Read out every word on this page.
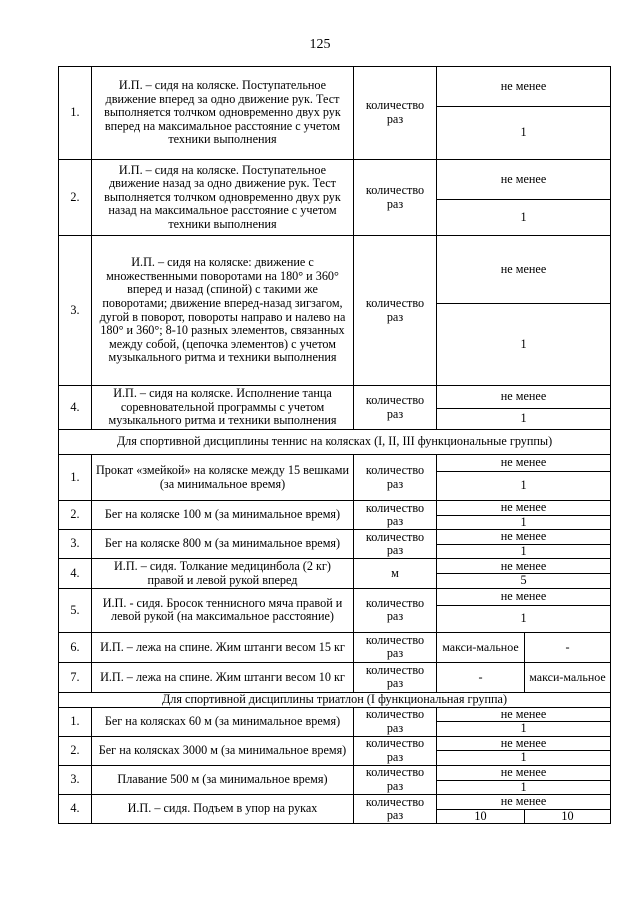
125
1.	И.П. – сидя на коляске. Поступательное движение вперед за одно движение рук. Тест выполняется толчком одновременно двух рук вперед на максимальное расстояние с учетом техники выполнения	количество раз	не менее	
			1	
2.	И.П. – сидя на коляске. Поступательное движение назад за одно движение рук. Тест выполняется толчком одновременно двух рук назад на максимальное расстояние с учетом техники выполнения	количество раз	не менее	
			1	
3.	И.П. – сидя на коляске: движение с множественными поворотами на 180° и 360° вперед и назад (спиной) с такими же поворотами; движение вперед-назад зигзагом, дугой в поворот, повороты направо и налево на 180° и 360°; 8-10 разных элементов, связанных между собой, (цепочка элементов) с учетом музыкального ритма и техники выполнения	количество раз	не менее	
			1	
4.	И.П. – сидя на коляске. Исполнение танца соревновательной программы с учетом музыкального ритма и техники выполнения	количество раз	не менее	
			1	
Для спортивной дисциплины теннис на колясках (I, II, III функциональные группы)				
1.	Прокат «змейкой» на коляске между 15 вешками (за минимальное время)	количество раз	не менее	
			1	
2.	Бег на коляске 100 м (за минимальное время)	количество раз	не менее	
			1	
3.	Бег на коляске 800 м (за минимальное время)	количество раз	не менее	
			1	
4.	И.П. – сидя. Толкание медицинбола (2 кг) правой и левой рукой вперед	м	не менее	
			5	
5.	И.П. - сидя. Бросок теннисного мяча правой и левой рукой (на максимальное расстояние)	количество раз	не менее	
			1	
6.	И.П. – лежа на спине. Жим штанги весом 15 кг	количество раз	макси-мальное	-
7.	И.П. – лежа на спине. Жим штанги весом 10 кг	количество раз	-	макси-мальное
Для спортивной дисциплины триатлон (I функциональная группа)				
1.	Бег на колясках 60 м (за минимальное время)	количество раз	не менее	
			1	
2.	Бег на колясках 3000 м (за минимальное время)	количество раз	не менее	
			1	
3.	Плавание 500 м (за минимальное время)	количество раз	не менее	
			1	
4.	И.П. – сидя. Подъем в упор на руках	количество раз	не менее	
			10	10
